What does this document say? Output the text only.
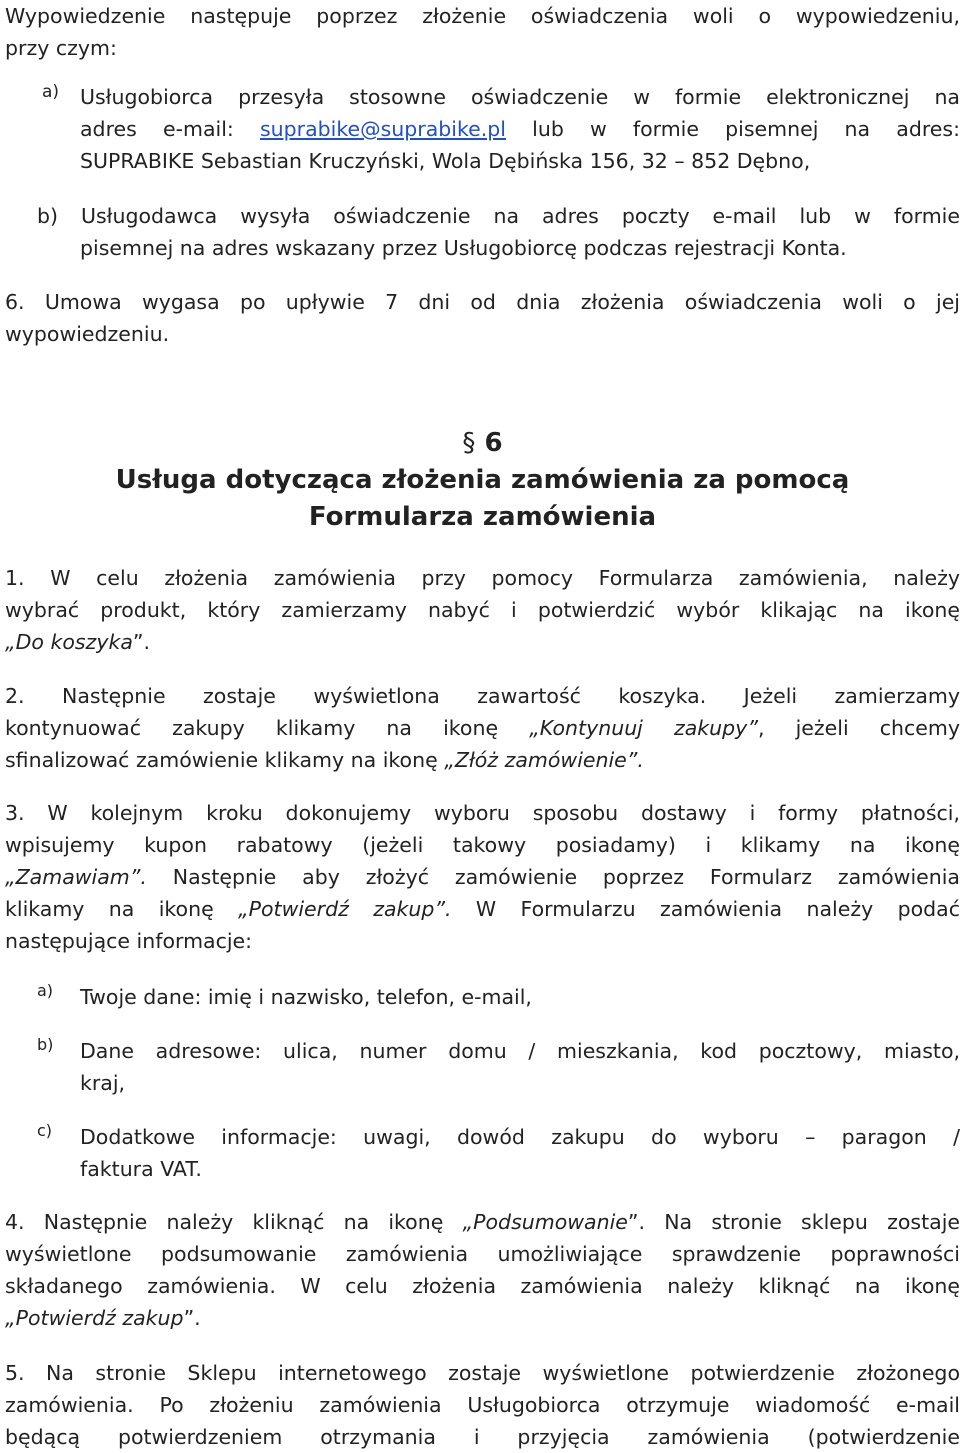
Wypowiedzenie następuje poprzez złożenie oświadczenia woli o wypowiedzeniu,

przy czym:

a) Usługobiorca przesyła stosowne oświadczenie w formie elektronicznej na

adres e-mail: suprabike@suprabike.pl lub w formie pisemnej na adres:

SUPRABIKE Sebastian Kruczyński, Wola Dębińska 156, 32 – 852 Dębno,

b) Usługodawca wysyła oświadczenie na adres poczty e-mail lub w formie

pisemnej na adres wskazany przez Usługobiorcę podczas rejestracji Konta.

6. Umowa wygasa po upływie 7 dni od dnia złożenia oświadczenia woli o jej

wypowiedzeniu.

§ 6
Usługa dotycząca złożenia zamówienia za pomocą
Formularza zamówienia

1. W celu złożenia zamówienia przy pomocy Formularza zamówienia, należy

wybrać produkt, który zamierzamy nabyć i potwierdzić wybór klikając na ikonę

„Do koszyka”.

2. Następnie zostaje wyświetlona zawartość koszyka. Jeżeli zamierzamy

kontynuować zakupy klikamy na ikonę „Kontynuuj zakupy”, jeżeli chcemy

sfinalizować zamówienie klikamy na ikonę „Złóż zamówienie”.

3. W kolejnym kroku dokonujemy wyboru sposobu dostawy i formy płatności,

wpisujemy kupon rabatowy (jeżeli takowy posiadamy) i klikamy na ikonę

„Zamawiam”. Następnie aby złożyć zamówienie poprzez Formularz zamówienia

klikamy na ikonę „Potwierdź zakup”. W Formularzu zamówienia należy podać

następujące informacje:

a) Twoje dane: imię i nazwisko, telefon, e-mail,

b) Dane adresowe: ulica, numer domu / mieszkania, kod pocztowy, miasto,

kraj,

c) Dodatkowe informacje: uwagi, dowód zakupu do wyboru – paragon /

faktura VAT.

4. Następnie należy kliknąć na ikonę „Podsumowanie”. Na stronie sklepu zostaje

wyświetlone podsumowanie zamówienia umożliwiające sprawdzenie poprawności

składanego zamówienia. W celu złożenia zamówienia należy kliknąć na ikonę

„Potwierdź zakup”.

5. Na stronie Sklepu internetowego zostaje wyświetlone potwierdzenie złożonego

zamówienia. Po złożeniu zamówienia Usługobiorca otrzymuje wiadomość e-mail

będącą potwierdzeniem otrzymania i przyjęcia zamówienia (potwierdzenie
